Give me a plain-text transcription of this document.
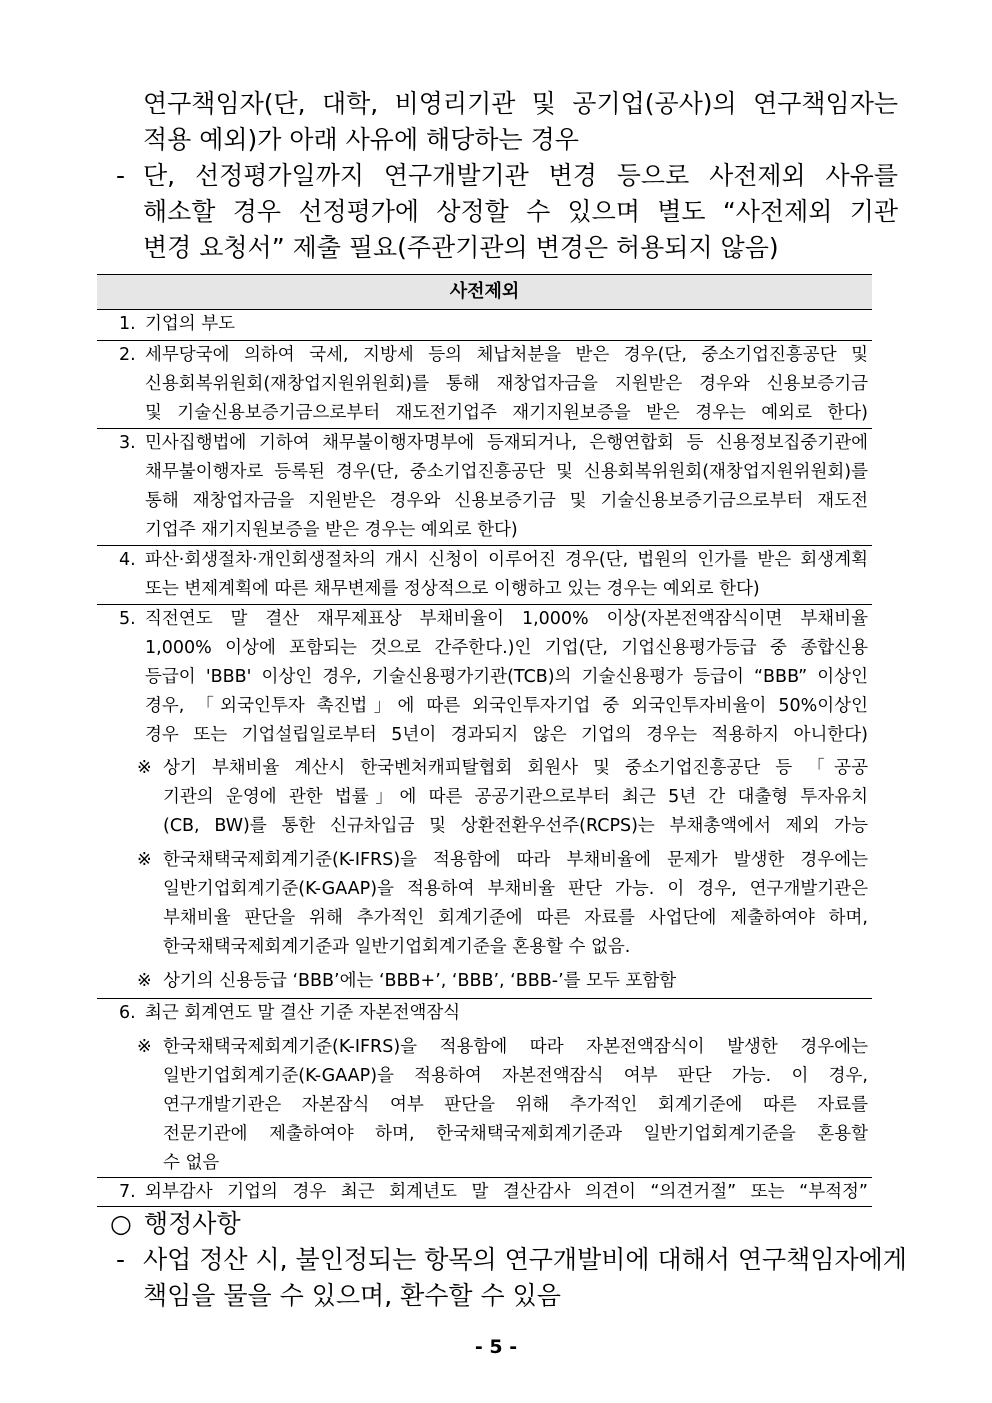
연구책임자(단, 대학, 비영리기관 및 공기업(공사)의 연구책임자는
적용 예외)가 아래 사유에 해당하는 경우
- 단, 선정평가일까지 연구개발기관 변경 등으로 사전제외 사유를
해소할 경우 선정평가에 상정할 수 있으며 별도 “사전제외 기관
변경 요청서” 제출 필요(주관기관의 변경은 허용되지 않음)
사전제외
1. 기업의 부도
2. 세무당국에 의하여 국세, 지방세 등의 체납처분을 받은 경우(단, 중소기업진흥공단 및
신용회복위원회(재창업지원위원회)를 통해 재창업자금을 지원받은 경우와 신용보증기금
및 기술신용보증기금으로부터 재도전기업주 재기지원보증을 받은 경우는 예외로 한다)
3. 민사집행법에 기하여 채무불이행자명부에 등재되거나, 은행연합회 등 신용정보집중기관에
채무불이행자로 등록된 경우(단, 중소기업진흥공단 및 신용회복위원회(재창업지원위원회)를
통해 재창업자금을 지원받은 경우와 신용보증기금 및 기술신용보증기금으로부터 재도전
기업주 재기지원보증을 받은 경우는 예외로 한다)
4. 파산·회생절차·개인회생절차의 개시 신청이 이루어진 경우(단, 법원의 인가를 받은 회생계획
또는 변제계획에 따른 채무변제를 정상적으로 이행하고 있는 경우는 예외로 한다)
5. 직전연도 말 결산 재무제표상 부채비율이 1,000% 이상(자본전액잠식이면 부채비율
1,000% 이상에 포함되는 것으로 간주한다.)인 기업(단, 기업신용평가등급 중 종합신용
등급이 'BBB' 이상인 경우, 기술신용평가기관(TCB)의 기술신용평가 등급이 “BBB” 이상인
경우, 「외국인투자 촉진법」에 따른 외국인투자기업 중 외국인투자비율이 50%이상인
경우 또는 기업설립일로부터 5년이 경과되지 않은 기업의 경우는 적용하지 아니한다)
※ 상기 부채비율 계산시 한국벤처캐피탈협회 회원사 및 중소기업진흥공단 등 「공공
기관의 운영에 관한 법률」에 따른 공공기관으로부터 최근 5년 간 대출형 투자유치
(CB, BW)를 통한 신규차입금 및 상환전환우선주(RCPS)는 부채총액에서 제외 가능
※ 한국채택국제회계기준(K-IFRS)을 적용함에 따라 부채비율에 문제가 발생한 경우에는
일반기업회계기준(K-GAAP)을 적용하여 부채비율 판단 가능. 이 경우, 연구개발기관은
부채비율 판단을 위해 추가적인 회계기준에 따른 자료를 사업단에 제출하여야 하며,
한국채택국제회계기준과 일반기업회계기준을 혼용할 수 없음.
※ 상기의 신용등급 ‘BBB’에는 ‘BBB+’, ‘BBB’, ‘BBB-’를 모두 포함함
6. 최근 회계연도 말 결산 기준 자본전액잠식
※ 한국채택국제회계기준(K-IFRS)을 적용함에 따라 자본전액잠식이 발생한 경우에는
일반기업회계기준(K-GAAP)을 적용하여 자본전액잠식 여부 판단 가능. 이 경우,
연구개발기관은 자본잠식 여부 판단을 위해 추가적인 회계기준에 따른 자료를
전문기관에 제출하여야 하며, 한국채택국제회계기준과 일반기업회계기준을 혼용할
수 없음
7. 외부감사 기업의 경우 최근 회계년도 말 결산감사 의견이 “의견거절” 또는 “부적정”
○ 행정사항
- 사업 정산 시, 불인정되는 항목의 연구개발비에 대해서 연구책임자에게
책임을 물을 수 있으며, 환수할 수 있음
- 5 -
